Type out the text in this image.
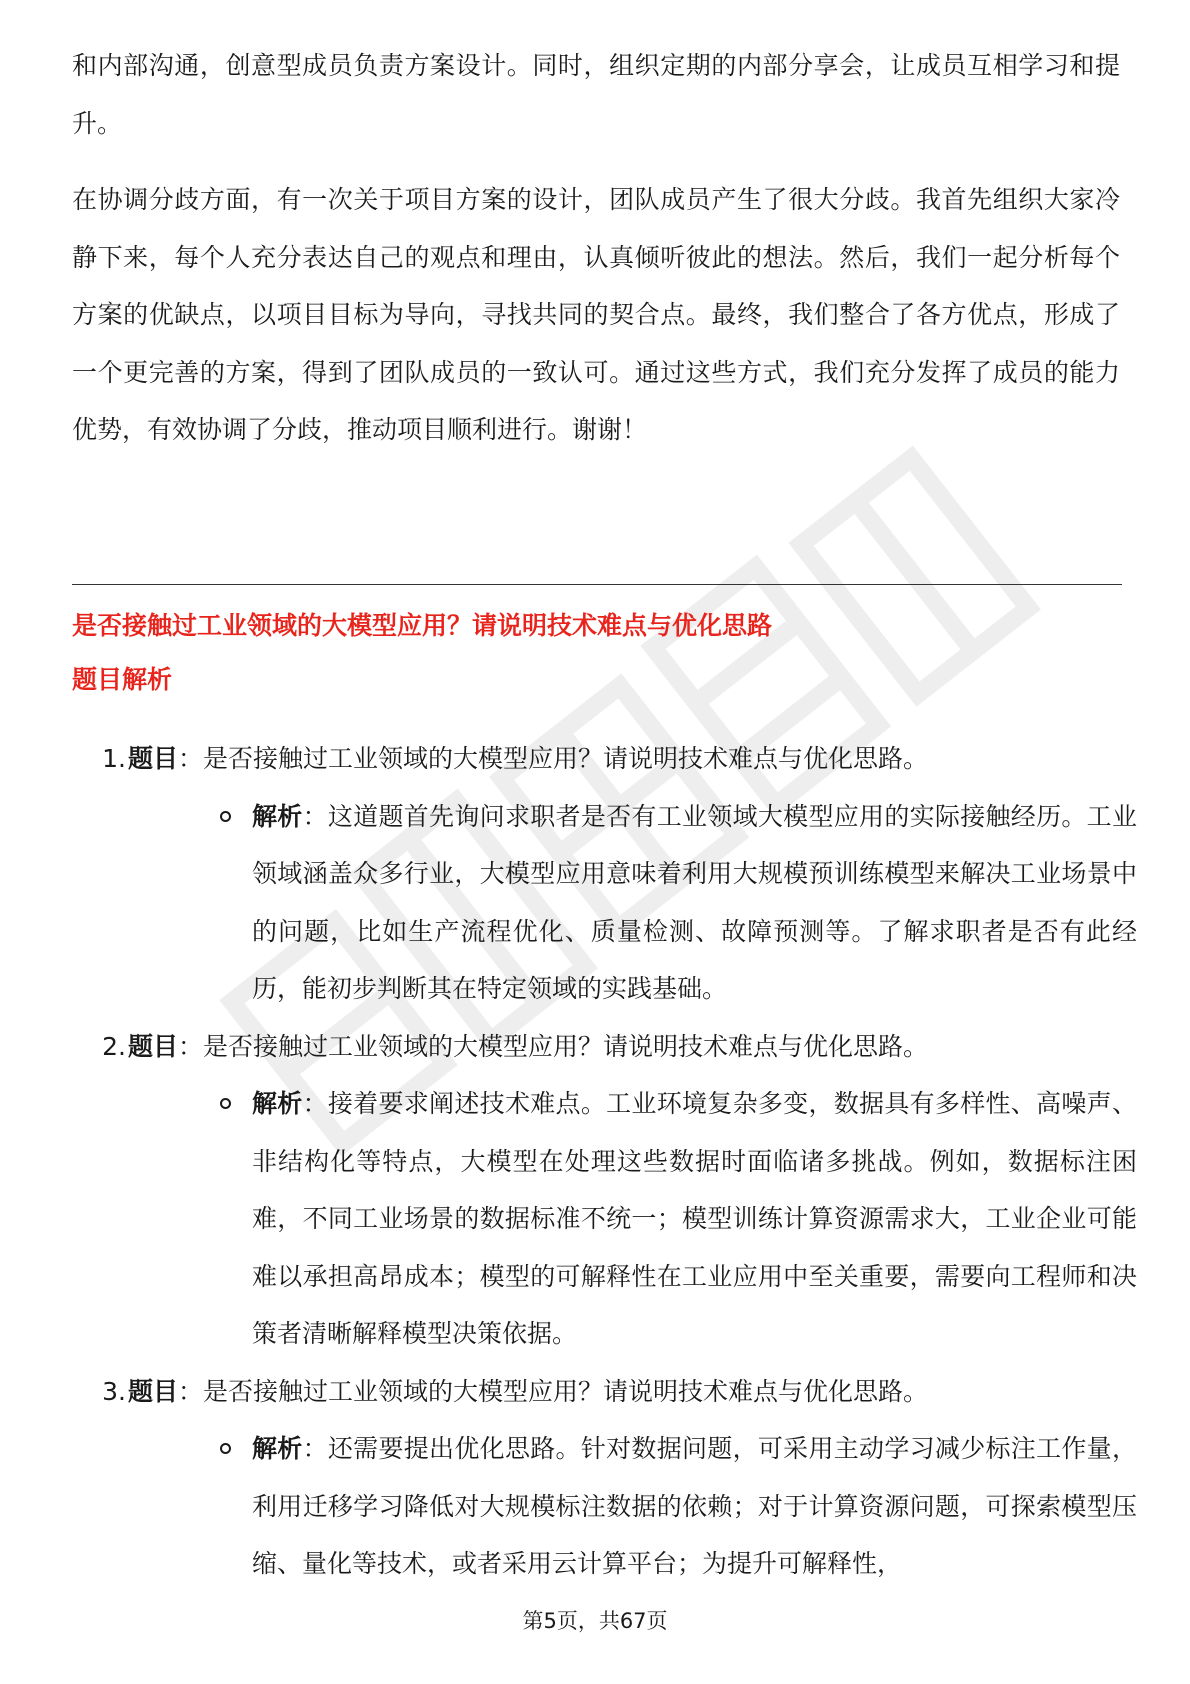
和内部沟通，创意型成员负责方案设计。同时，组织定期的内部分享会，让成员互相学习和提升。

在协调分歧方面，有一次关于项目方案的设计，团队成员产生了很大分歧。我首先组织大家冷静下来，每个人充分表达自己的观点和理由，认真倾听彼此的想法。然后，我们一起分析每个方案的优缺点，以项目目标为导向，寻找共同的契合点。最终，我们整合了各方优点，形成了一个更完善的方案，得到了团队成员的一致认可。通过这些方式，我们充分发挥了成员的能力优势，有效协调了分歧，推动项目顺利进行。谢谢！

是否接触过工业领域的大模型应用？请说明技术难点与优化思路
题目解析
1. 题目：是否接触过工业领域的大模型应用？请说明技术难点与优化思路。
解析：这道题首先询问求职者是否有工业领域大模型应用的实际接触经历。工业领域涵盖众多行业，大模型应用意味着利用大规模预训练模型来解决工业场景中的问题，比如生产流程优化、质量检测、故障预测等。了解求职者是否有此经历，能初步判断其在特定领域的实践基础。
2. 题目：是否接触过工业领域的大模型应用？请说明技术难点与优化思路。
解析：接着要求阐述技术难点。工业环境复杂多变，数据具有多样性、高噪声、非结构化等特点，大模型在处理这些数据时面临诸多挑战。例如，数据标注困难，不同工业场景的数据标准不统一；模型训练计算资源需求大，工业企业可能难以承担高昂成本；模型的可解释性在工业应用中至关重要，需要向工程师和决策者清晰解释模型决策依据。
3. 题目：是否接触过工业领域的大模型应用？请说明技术难点与优化思路。
解析：还需要提出优化思路。针对数据问题，可采用主动学习减少标注工作量，利用迁移学习降低对大规模标注数据的依赖；对于计算资源问题，可探索模型压缩、量化等技术，或者采用云计算平台；为提升可解释性，
第5页，共67页
